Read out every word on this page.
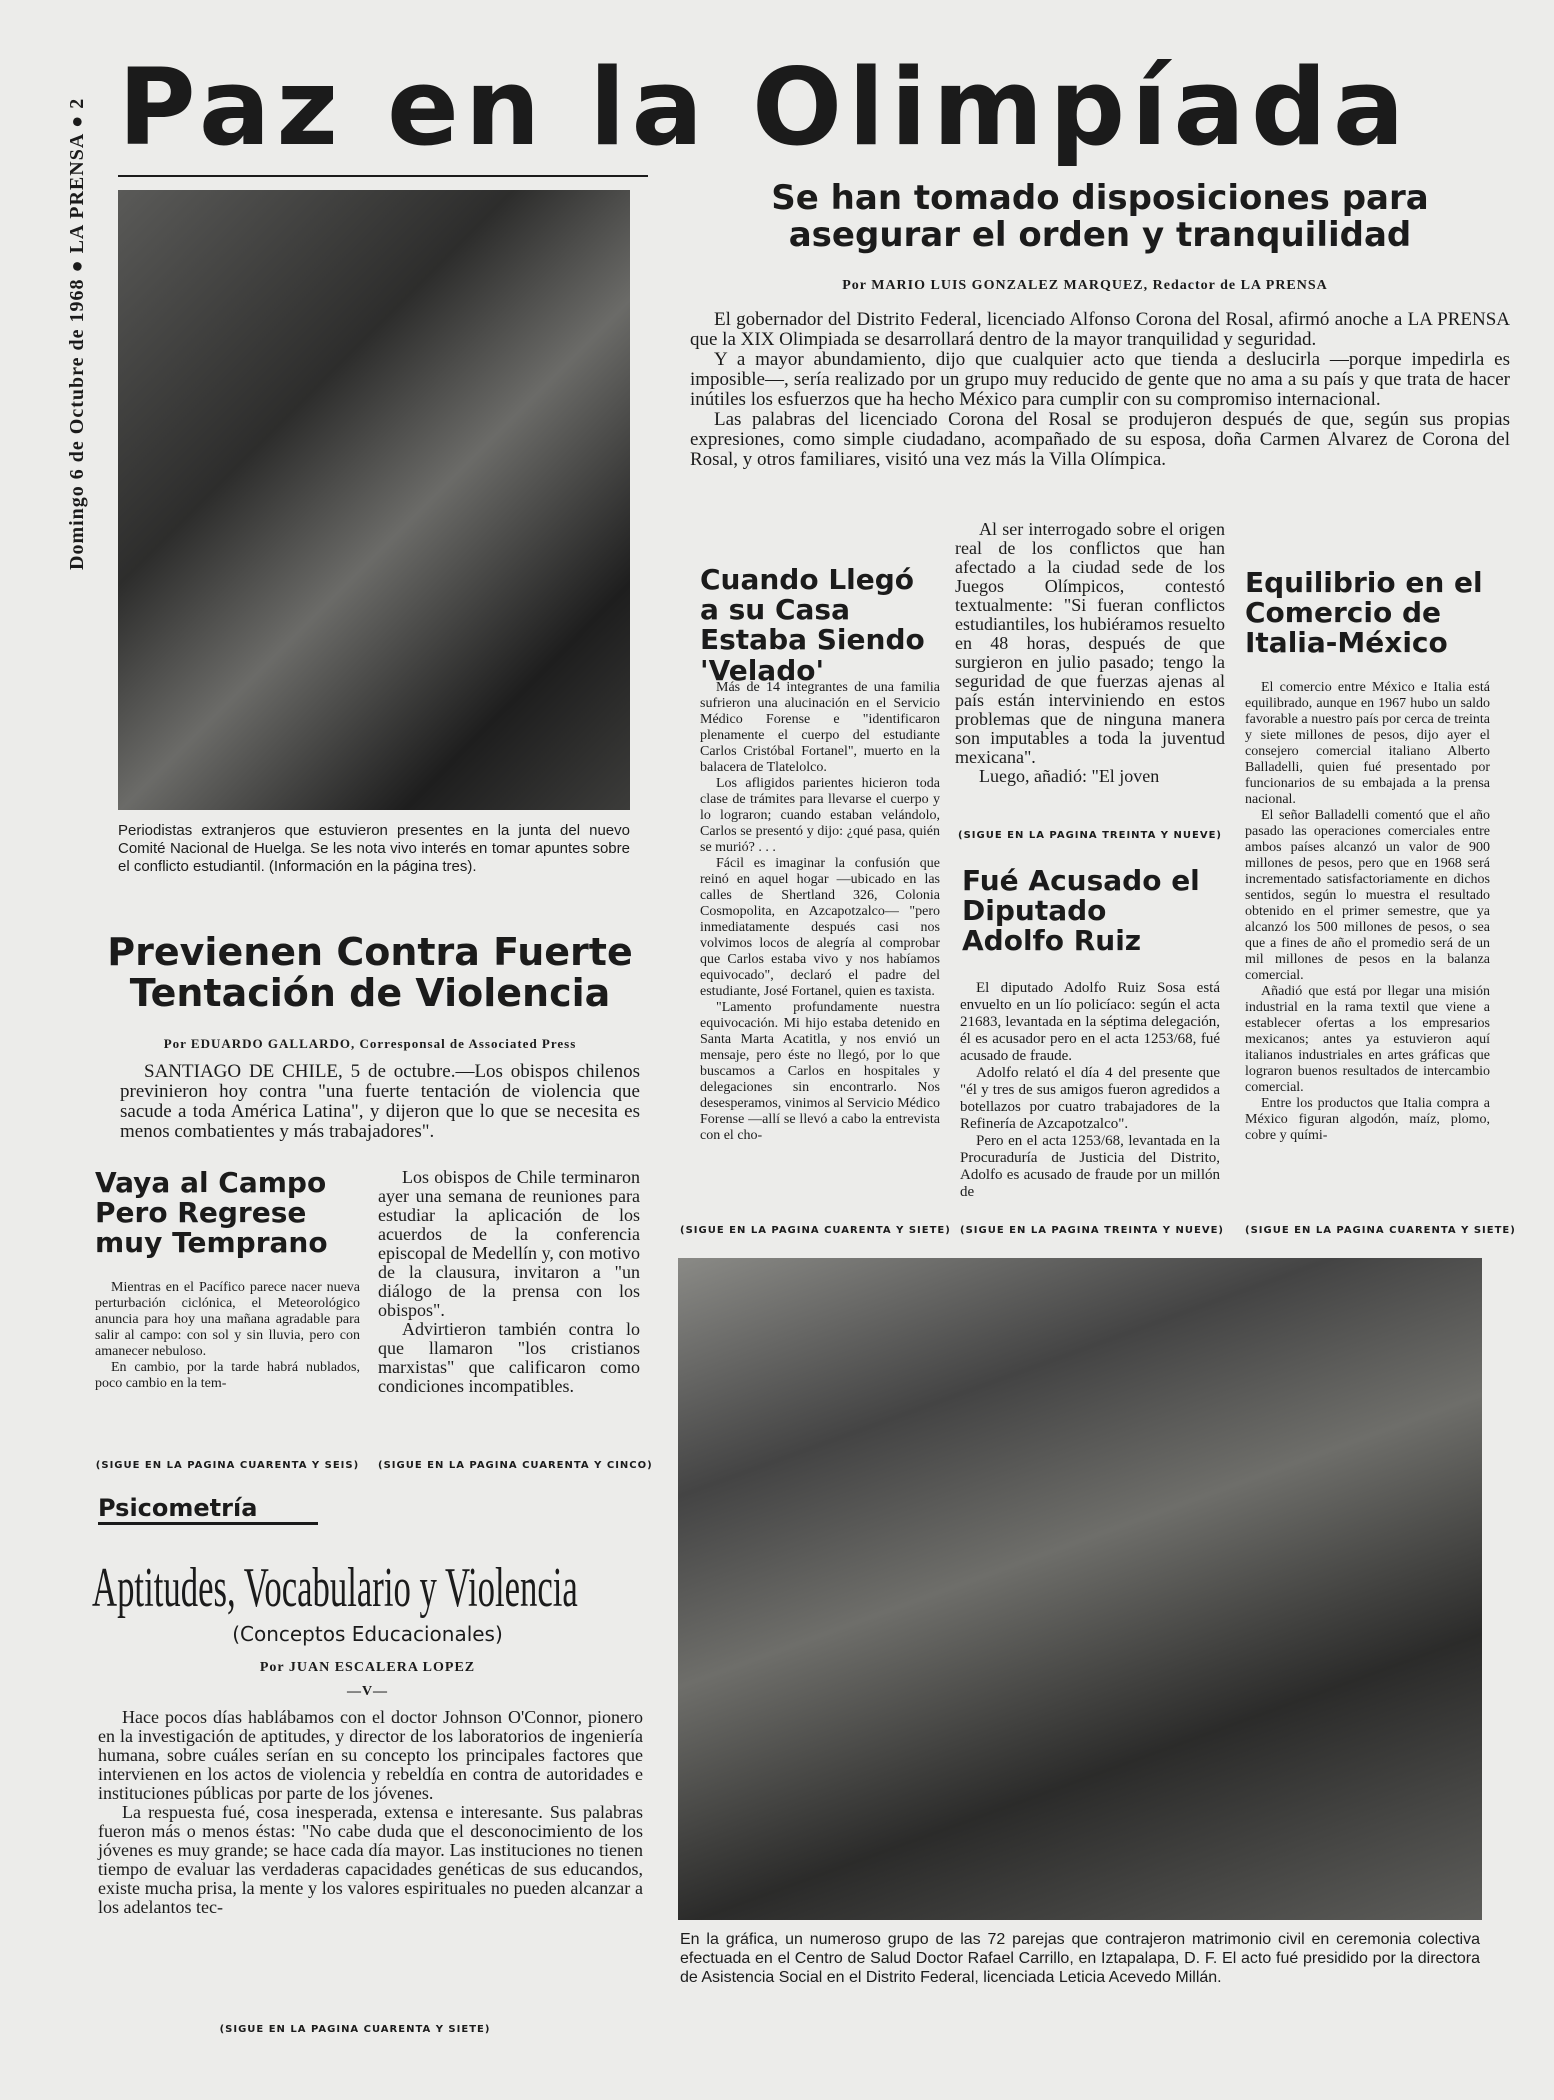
Domingo 6 de Octubre de 1968 ● LA PRENSA ● 2 Paz en la Olimpíada
Periodistas extranjeros que estuvieron presentes en la junta del nuevo Comité Nacional de Huelga. Se les nota vivo interés en tomar apuntes sobre el conflicto estudiantil. (Información en la página tres).
Se han tomado disposiciones para asegurar el orden y tranquilidad
Por MARIO LUIS GONZALEZ MARQUEZ, Redactor de LA PRENSA

El gobernador del Distrito Federal, licenciado Alfonso Corona del Rosal, afirmó anoche a LA PRENSA que la XIX Olimpiada se desarrollará dentro de la mayor tranquilidad y seguridad.

Y a mayor abundamiento, dijo que cualquier acto que tienda a deslucirla —porque impedirla es imposible—, sería realizado por un grupo muy reducido de gente que no ama a su país y que trata de hacer inútiles los esfuerzos que ha hecho México para cumplir con su compromiso internacional.

Las palabras del licenciado Corona del Rosal se produjeron después de que, según sus propias expresiones, como simple ciudadano, acompañado de su esposa, doña Carmen Alvarez de Corona del Rosal, y otros familiares, visitó una vez más la Villa Olímpica.

Al ser interrogado sobre el origen real de los conflictos que han afectado a la ciudad sede de los Juegos Olímpicos, contestó textualmente: "Si fueran conflictos estudiantiles, los hubiéramos resuelto en 48 horas, después de que surgieron en julio pasado; tengo la seguridad de que fuerzas ajenas al país están interviniendo en estos problemas que de ninguna manera son imputables a toda la juventud mexicana".

Luego, añadió: "El joven

(SIGUE EN LA PAGINA TREINTA Y NUEVE)
Cuando Llegó a su Casa Estaba Siendo 'Velado'

Más de 14 integrantes de una familia sufrieron una alucinación en el Servicio Médico Forense e "identificaron plenamente el cuerpo del estudiante Carlos Cristóbal Fortanel", muerto en la balacera de Tlatelolco.

Los afligidos parientes hicieron toda clase de trámites para llevarse el cuerpo y lo lograron; cuando estaban velándolo, Carlos se presentó y dijo: ¿qué pasa, quién se murió? . . .

Fácil es imaginar la confusión que reinó en aquel hogar —ubicado en las calles de Shertland 326, Colonia Cosmopolita, en Azcapotzalco— "pero inmediatamente después casi nos volvimos locos de alegría al comprobar que Carlos estaba vivo y nos habíamos equivocado", declaró el padre del estudiante, José Fortanel, quien es taxista.

"Lamento profundamente nuestra equivocación. Mi hijo estaba detenido en Santa Marta Acatitla, y nos envió un mensaje, pero éste no llegó, por lo que buscamos a Carlos en hospitales y delegaciones sin encontrarlo. Nos desesperamos, vinimos al Servicio Médico Forense —allí se llevó a cabo la entrevista con el cho-

(SIGUE EN LA PAGINA CUARENTA Y SIETE)
Fué Acusado el Diputado Adolfo Ruiz

El diputado Adolfo Ruiz Sosa está envuelto en un lío policíaco: según el acta 21683, levantada en la séptima delegación, él es acusador pero en el acta 1253/68, fué acusado de fraude.

Adolfo relató el día 4 del presente que "él y tres de sus amigos fueron agredidos a botellazos por cuatro trabajadores de la Refinería de Azcapotzalco".

Pero en el acta 1253/68, levantada en la Procuraduría de Justicia del Distrito, Adolfo es acusado de fraude por un millón de

(SIGUE EN LA PAGINA TREINTA Y NUEVE)
Equilibrio en el Comercio de Italia-México

El comercio entre México e Italia está equilibrado, aunque en 1967 hubo un saldo favorable a nuestro país por cerca de treinta y siete millones de pesos, dijo ayer el consejero comercial italiano Alberto Balladelli, quien fué presentado por funcionarios de su embajada a la prensa nacional.

El señor Balladelli comentó que el año pasado las operaciones comerciales entre ambos países alcanzó un valor de 900 millones de pesos, pero que en 1968 será incrementado satisfactoriamente en dichos sentidos, según lo muestra el resultado obtenido en el primer semestre, que ya alcanzó los 500 millones de pesos, o sea que a fines de año el promedio será de un mil millones de pesos en la balanza comercial.

Añadió que está por llegar una misión industrial en la rama textil que viene a establecer ofertas a los empresarios mexicanos; antes ya estuvieron aquí italianos industriales en artes gráficas que lograron buenos resultados de intercambio comercial.

Entre los productos que Italia compra a México figuran algodón, maíz, plomo, cobre y quími-

(SIGUE EN LA PAGINA CUARENTA Y SIETE)
Previenen Contra Fuerte Tentación de Violencia
Por EDUARDO GALLARDO, Corresponsal de Associated Press
SANTIAGO DE CHILE, 5 de octubre.—Los obispos chilenos previnieron hoy contra "una fuerte tentación de violencia que sacude a toda América Latina", y dijeron que lo que se necesita es menos combatientes y más trabajadores".

Los obispos de Chile terminaron ayer una semana de reuniones para estudiar la aplicación de los acuerdos de la conferencia episcopal de Medellín y, con motivo de la clausura, invitaron a "un diálogo de la prensa con los obispos".

Advirtieron también contra lo que llamaron "los cristianos marxistas" que calificaron como condiciones incompatibles.

(SIGUE EN LA PAGINA CUARENTA Y CINCO)
Vaya al Campo Pero Regrese muy Temprano

Mientras en el Pacífico parece nacer nueva perturbación ciclónica, el Meteorológico anuncia para hoy una mañana agradable para salir al campo: con sol y sin lluvia, pero con amanecer nebuloso.

En cambio, por la tarde habrá nublados, poco cambio en la tem-

(SIGUE EN LA PAGINA CUARENTA Y SEIS)
Psicometría
Aptitudes, Vocabulario y Violencia
(Conceptos Educacionales)
Por JUAN ESCALERA LOPEZ
—V—

Hace pocos días hablábamos con el doctor Johnson O'Connor, pionero en la investigación de aptitudes, y director de los laboratorios de ingeniería humana, sobre cuáles serían en su concepto los principales factores que intervienen en los actos de violencia y rebeldía en contra de autoridades e instituciones públicas por parte de los jóvenes.

La respuesta fué, cosa inesperada, extensa e interesante. Sus palabras fueron más o menos éstas: "No cabe duda que el desconocimiento de los jóvenes es muy grande; se hace cada día mayor. Las instituciones no tienen tiempo de evaluar las verdaderas capacidades genéticas de sus educandos, existe mucha prisa, la mente y los valores espirituales no pueden alcanzar a los adelantos tec-

(SIGUE EN LA PAGINA CUARENTA Y SIETE)
En la gráfica, un numeroso grupo de las 72 parejas que contrajeron matrimonio civil en ceremonia colectiva efectuada en el Centro de Salud Doctor Rafael Carrillo, en Iztapalapa, D. F. El acto fué presidido por la directora de Asistencia Social en el Distrito Federal, licenciada Leticia Acevedo Millán.
